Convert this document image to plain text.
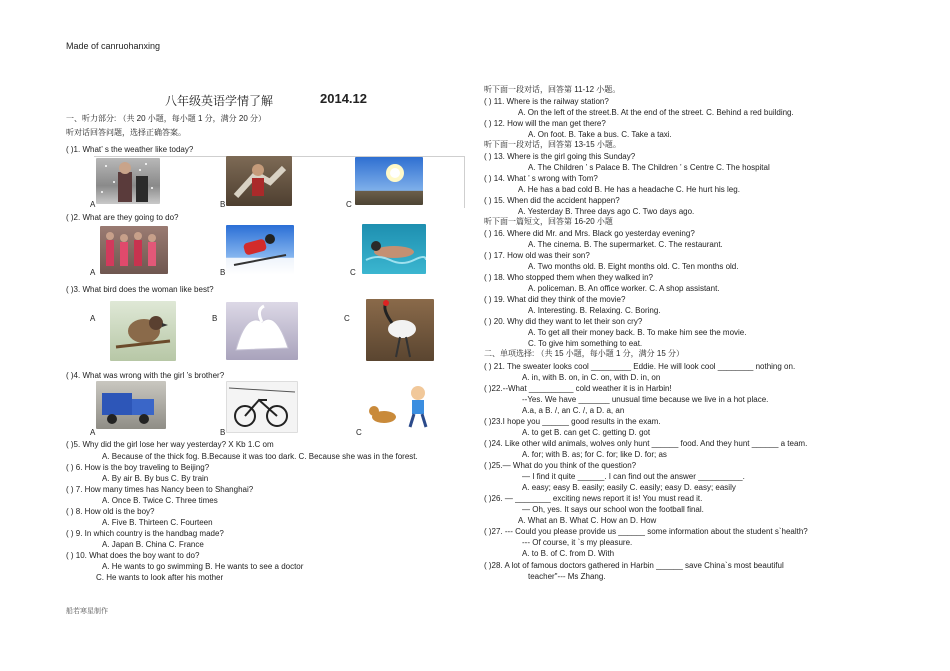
Made of canruohanxing
八年级英语学情了解	2014.12
一、听力部分: （共 20 小题，每小题 1 分，满分 20 分）
听对话回答问题，选择正确答案。
( )1. What’ s the weather like today?
A	B	C
( )2. What are they going to do?
A	B	C
( )3. What bird does the woman like best?
A	B	C
( )4. What was wrong with the girl ’s brother?
A	B	C
( )5. Why did the girl lose her way yesterday? X Kb 1.C om
A. Because of the thick fog. B.Because it was too dark. C. Because she was in the forest.
( ) 6. How is the boy traveling to Beijing?
A. By air B. By bus C. By train
( ) 7. How many times has Nancy been to Shanghai?
A. Once B. Twice C. Three times
( ) 8. How old is the boy?
A. Five B. Thirteen C. Fourteen
( ) 9. In which country is the handbag made?
A. Japan B. China C. France
( ) 10. What does the boy want to do?
A. He wants to go swimming B. He wants to see a doctor
C. He wants to look after his mother
听下面一段对话，回答第 11-12 小题。
( ) 11. Where is the railway station?
A. On the left of the street.B. At the end of the street. C. Behind a red building.
( ) 12. How will the man get there?
A. On foot. B. Take a bus. C. Take a taxi.
听下面一段对话，回答第 13-15 小题。
( ) 13. Where is the girl going this Sunday?
A. The Children ’ s Palace B. The Children ’ s Centre C. The hospital
( ) 14. What ’ s wrong with Tom?
A. He has a bad cold B. He has a headache C. He hurt his leg.
( ) 15. When did the accident happen?
A. Yesterday B. Three days ago C. Two days ago.
听下面一篇短文，回答第 16-20 小题
( ) 16. Where did Mr. and Mrs. Black go yesterday evening?
A. The cinema. B. The supermarket. C. The restaurant.
( ) 17. How old was their son?
A. Two months old. B. Eight months old. C. Ten months old.
( ) 18. Who stopped them when they walked in?
A. policeman. B. An office worker. C. A shop assistant.
( ) 19. What did they think of the movie?
A. Interesting. B. Relaxing. C. Boring.
( ) 20. Why did they want to let their son cry?
A. To get all their money back. B. To make him see the movie.
C. To give him something to eat.
二、单项选择: （共 15 小题，每小题 1 分，满分 15 分）
( ) 21. The sweater looks cool _________ Eddie. He will look cool ________ nothing on.
A. in, with B. on, in C. on, with D. in, on
( )22.--What __________ cold weather it is in Harbin!
--Yes. We have _______ unusual time because we live in a hot place.
A.a, a B. /, an C. /, a D. a, an
( )23.I hope you ______ good results in the exam.
A. to get B. can get C. getting D. got
( )24. Like other wild animals, wolves only hunt ______ food. And they hunt ______ a team.
A. for; with B. as; for C. for; like D. for; as
( )25.— What do you think of the question?
— I find it quite ______. I can find out the answer __________.
A. easy; easy B. easily; easily C. easily; easy D. easy; easily
( )26. — ________ exciting news report it is! You must read it.
— Oh, yes. It says our school won the football final.
A. What an B. What C. How an D. How
( )27. --- Could you please provide us ______ some information about the student s`health?
--- Of course, it `s my pleasure.
A. to B. of C. from D. With
( )28. A lot of famous doctors gathered in Harbin ______ save China`s most beautiful
teacher"--- Ms Zhang.
船若寒星制作
